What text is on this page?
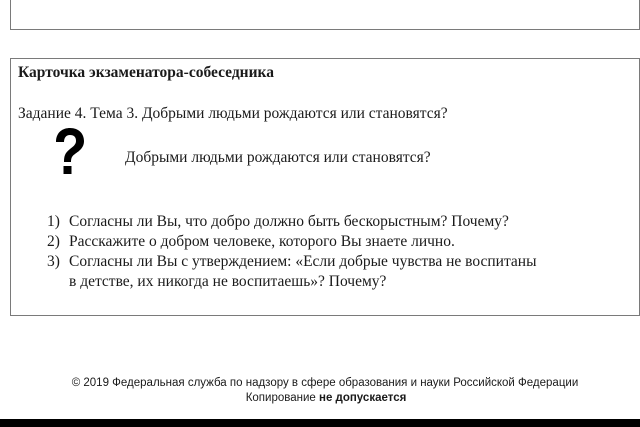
Карточка экзаменатора-собеседника
Задание 4. Тема 3. Добрыми людьми рождаются или становятся?
Добрыми людьми рождаются или становятся?
1) Согласны ли Вы, что добро должно быть бескорыстным? Почему?
2) Расскажите о добром человеке, которого Вы знаете лично.
3) Согласны ли Вы с утверждением: «Если добрые чувства не воспитаны
в детстве, их никогда не воспитаешь»? Почему?
© 2019 Федеральная служба по надзору в сфере образования и науки Российской Федерации
Копирование не допускается
